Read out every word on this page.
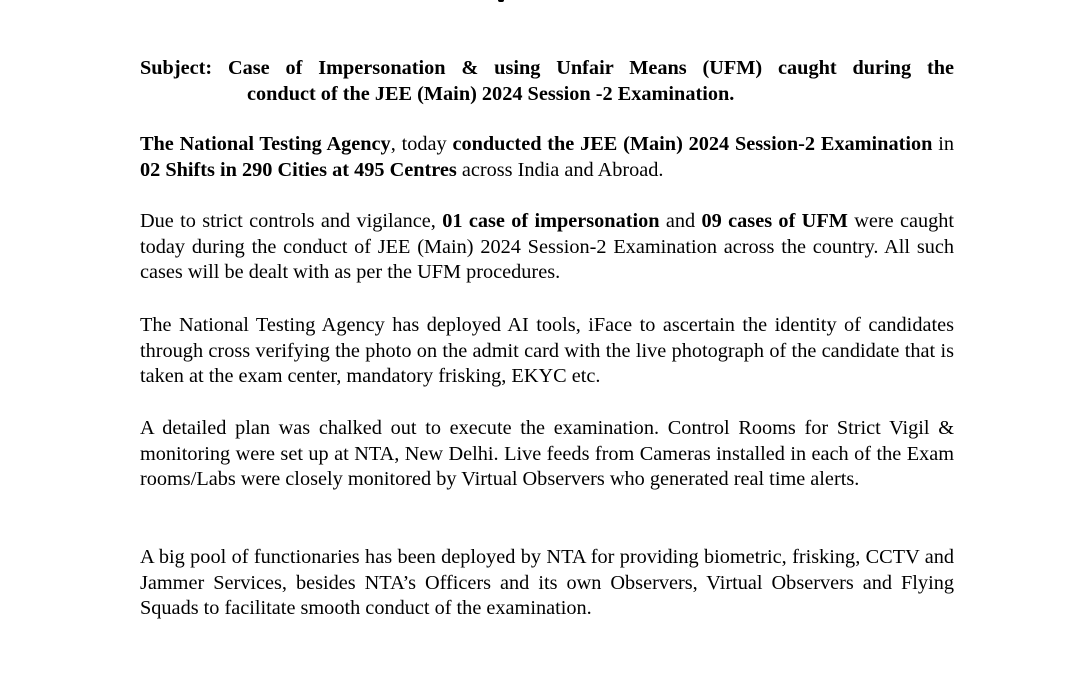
Subject: Case of Impersonation & using Unfair Means (UFM) caught during the

conduct of the JEE (Main) 2024 Session -2 Examination.

The National Testing Agency, today conducted the JEE (Main) 2024 Session-2 Examination in 02 Shifts in 290 Cities at 495 Centres across India and Abroad.

Due to strict controls and vigilance, 01 case of impersonation and 09 cases of UFM were caught today during the conduct of JEE (Main) 2024 Session-2 Examination across the country. All such cases will be dealt with as per the UFM procedures.

The National Testing Agency has deployed AI tools, iFace to ascertain the identity of candidates through cross verifying the photo on the admit card with the live photograph of the candidate that is taken at the exam center, mandatory frisking, EKYC etc.

A detailed plan was chalked out to execute the examination. Control Rooms for Strict Vigil & monitoring were set up at NTA, New Delhi. Live feeds from Cameras installed in each of the Exam rooms/Labs were closely monitored by Virtual Observers who generated real time alerts.

A big pool of functionaries has been deployed by NTA for providing biometric, frisking, CCTV and Jammer Services, besides NTA’s Officers and its own Observers, Virtual Observers and Flying Squads to facilitate smooth conduct of the examination.
